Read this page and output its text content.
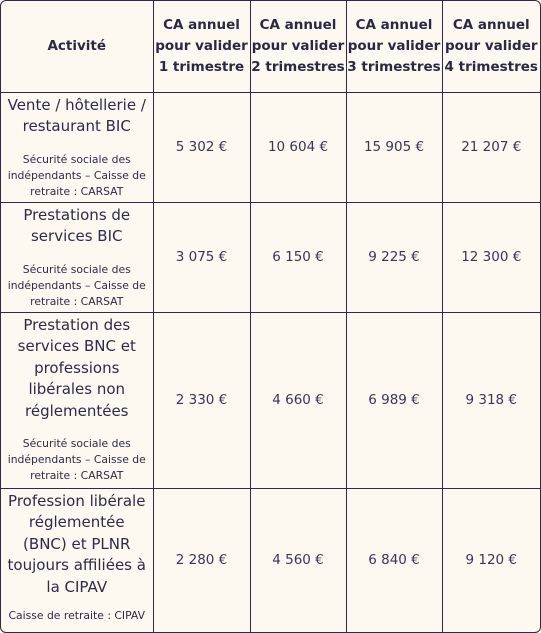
Activité	CA annuel pour valider 1 trimestre	CA annuel pour valider 2 trimestres	CA annuel pour valider 3 trimestres	CA annuel pour valider 4 trimestres

Vente / hôtellerie / restaurant BIC
Sécurité sociale des indépendants – Caisse de retraite : CARSAT	5 302 €	10 604 €	15 905 €	21 207 €

Prestations de services BIC
Sécurité sociale des indépendants – Caisse de retraite : CARSAT	3 075 €	6 150 €	9 225 €	12 300 €

Prestation des services BNC et professions libérales non réglementées
Sécurité sociale des indépendants – Caisse de retraite : CARSAT	2 330 €	4 660 €	6 989 €	9 318 €

Profession libérale réglementée (BNC) et PLNR toujours affiliées à la CIPAV
Caisse de retraite : CIPAV	2 280 €	4 560 €	6 840 €	9 120 €
